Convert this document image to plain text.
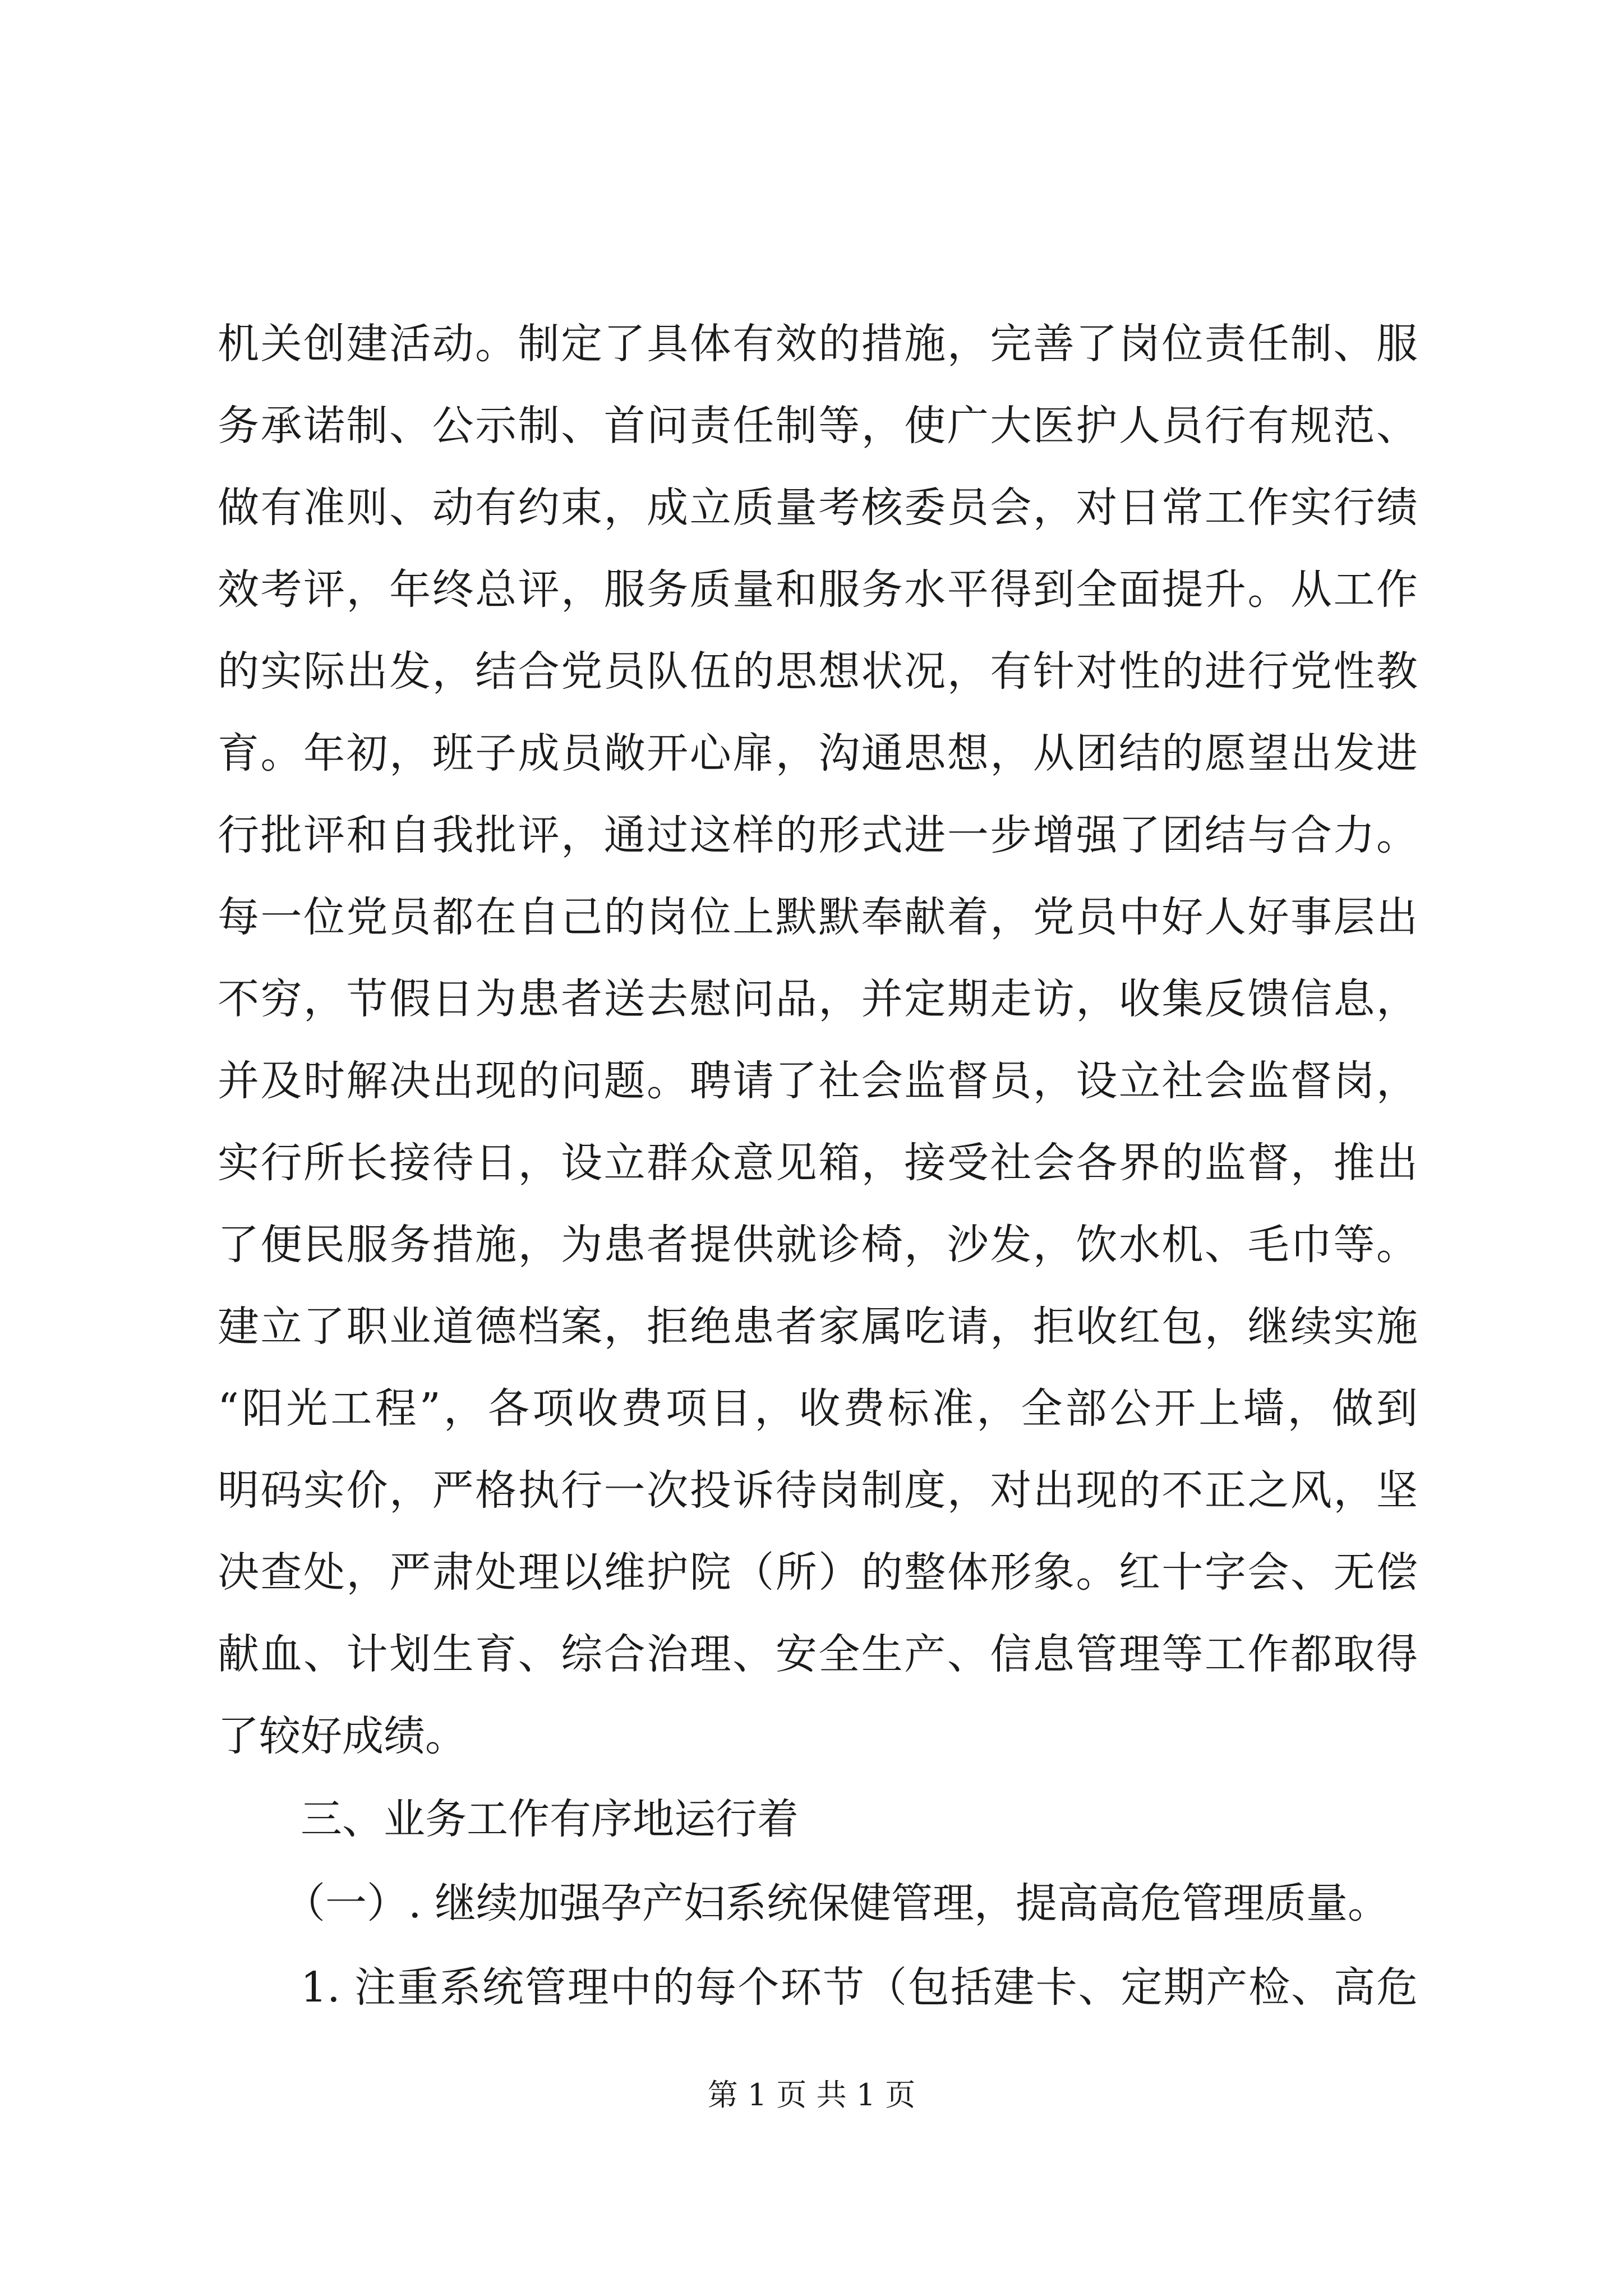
机关创建活动。制定了具体有效的措施，完善了岗位责任制、服
务承诺制、公示制、首问责任制等，使广大医护人员行有规范、
做有准则、动有约束，成立质量考核委员会，对日常工作实行绩
效考评，年终总评，服务质量和服务水平得到全面提升。从工作
的实际出发，结合党员队伍的思想状况，有针对性的进行党性教
育。年初，班子成员敞开心扉，沟通思想，从团结的愿望出发进
行批评和自我批评，通过这样的形式进一步增强了团结与合力。
每一位党员都在自己的岗位上默默奉献着，党员中好人好事层出
不穷，节假日为患者送去慰问品，并定期走访，收集反馈信息，
并及时解决出现的问题。聘请了社会监督员，设立社会监督岗，
实行所长接待日，设立群众意见箱，接受社会各界的监督，推出
了便民服务措施，为患者提供就诊椅，沙发，饮水机、毛巾等。
建立了职业道德档案，拒绝患者家属吃请，拒收红包，继续实施
“阳光工程”，各项收费项目，收费标准，全部公开上墙，做到
明码实价，严格执行一次投诉待岗制度，对出现的不正之风，坚
决查处，严肃处理以维护院（所）的整体形象。红十字会、无偿
献血、计划生育、综合治理、安全生产、信息管理等工作都取得
了较好成绩。
三、业务工作有序地运行着
（一）. 继续加强孕产妇系统保健管理，提高高危管理质量。
1. 注重系统管理中的每个环节（包括建卡、定期产检、高危
第 1 页 共 1 页
